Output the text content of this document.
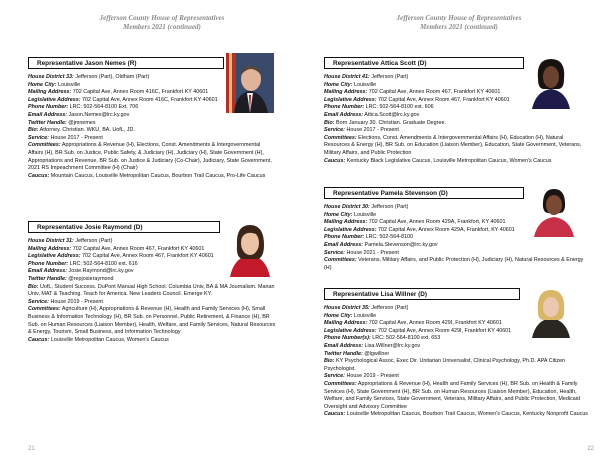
Jefferson County House of Representatives
Members 2021 (continued)
Representative Jason Nemes (R)
House District 33: Jefferson (Part), Oldham (Part)
Home City: Louisville
Mailing Address: 702 Capital Ave, Annex Room 416C, Frankfort KY 40601
Legislative Address: 702 Capital Ave, Annex Room 416C, Frankfort KY 40601
Phone Number: LRC: 502-564-8100 Ext. 706
Email Address: Jason.Nemes@lrc.ky.gov
Twitter Handle: @jmnemes
Bio: Attorney. Christian. WKU, BA. UofL, JD.
Service: House 2017 - Present
Committees: Appropriations & Revenue (H), Elections, Const. Amendments & Intergovernmental Affairs (H), BR Sub. on Justice, Public Safety, & Judiciary (H), Judiciary (H), State Government (H), Appropriations and Revenue, BR Sub. on Justice & Judiciary (Co-Chair), Judiciary, State Government, 2021 RS Impeachment Committee (H) (Chair)
Caucus: Mountain Caucus, Louisville Metropolitan Caucus, Bourbon Trail Caucus, Pro-Life Caucus
Representative Josie Raymond (D)
House District 31: Jefferson (Part)
Mailing Address: 702 Capital Ave, Annex Room 467, Frankfort KY 40601
Legislative Address: 702 Capital Ave, Annex Room 467, Frankfort KY 40601
Phone Number: LRC: 502-564-8100 ext. 616
Email Address: Josie.Raymond@lrc.ky.gov
Twitter Handle: @rep​josieraymond
Bio: UofL, Student Success. DuPont Manual High School. Columbia Univ, BA & MA Journalism. Marian Univ, MAT & Teaching. Teach for America. New Leaders Council. Emerge KY.
Service: House 2019 - Present
Committees: Agriculture (H), Appropriations & Revenue (H), Health and Family Services (H), Small Business & Information Technology (H), BR Sub. on Personnel, Public Retirement, & Finance (H), BR Sub. on Human Resources (Liaison Member), Health, Welfare, and Family Services, Natural Resources & Energy, Tourism, Small Business, and Information Technology
Caucus: Louisville Metropolitan Caucus, Women's Caucus
21
Jefferson County House of Representatives
Members 2021 (continued)
Representative Attica Scott (D)
House District 41: Jefferson (Part)
Home City: Louisville
Mailing Address: 702 Capital Ave, Annex Room 467, Frankfort KY 40601
Legislative Address: 702 Capital Ave, Annex Room 467, Frankfort KY 40601
Phone Number: LRC: 502-564-8100 ext. 606
Email Address: Attica.Scott@lrc.ky.gov
Bio: Born January 30. Christian. Graduate Degree.
Service: House 2017 - Present
Committees: Elections, Const. Amendments & Intergovernmental Affairs (H), Education (H), Natural Resources & Energy (H), BR Sub. on Education (Liaison Member), Education, State Government, Veterans, Military Affairs, and Public Protection
Caucus: Kentucky Black Legislative Caucus, Louisville Metropolitan Caucus, Women's Caucus
Representative Pamela Stevenson (D)
House District 30: Jefferson (Part)
Home City: Louisville
Mailing Address: 702 Capital Ave, Annex Room 429A, Frankfort, KY 40601
Legislative Address: 702 Capital Ave, Annex Room 429A, Frankfort, KY 40601
Phone Number: LRC: 502-564-8100
Email Address: Pamela.Stevenson@lrc.ky.gov
Service: House 2021 - Present
Committees: Veterans, Military Affairs, and Public Protection (H), Judiciary (H), Natural Resources & Energy (H)
Representative Lisa Willner (D)
House District 35: Jefferson (Part)
Home City: Louisville
Mailing Address: 702 Capital Ave, Annex Room 429I, Frankfort KY 40601
Legislative Address: 702 Capital Ave, Annex Room 429I, Frankfort KY 40601
Phone Number(s): LRC: 502-564-8100 ext. 653
Email Address: Lisa.Willner@lrc.ky.gov
Twitter Handle: @lgwillner
Bio: KY Psychological Assoc, Exec Dir. Unitarian Universalist, Clinical Psychology, Ph.D. APA Citizen Psychologist.
Service: House 2019 - Present
Committees: Appropriations & Revenue (H), Health and Family Services (H), BR Sub. on Health & Family Services (H), State Government (H), BR Sub. on Human Resources (Liaison Member), Education, Health, Welfare, and Family Services, State Government, Veterans, Military Affairs, and Public Protection, Medicaid Oversight and Advisory Committee
Caucus: Louisville Metropolitan Caucus, Bourbon Trail Caucus, Women's Caucus, Kentucky Nonprofit Caucus
22
